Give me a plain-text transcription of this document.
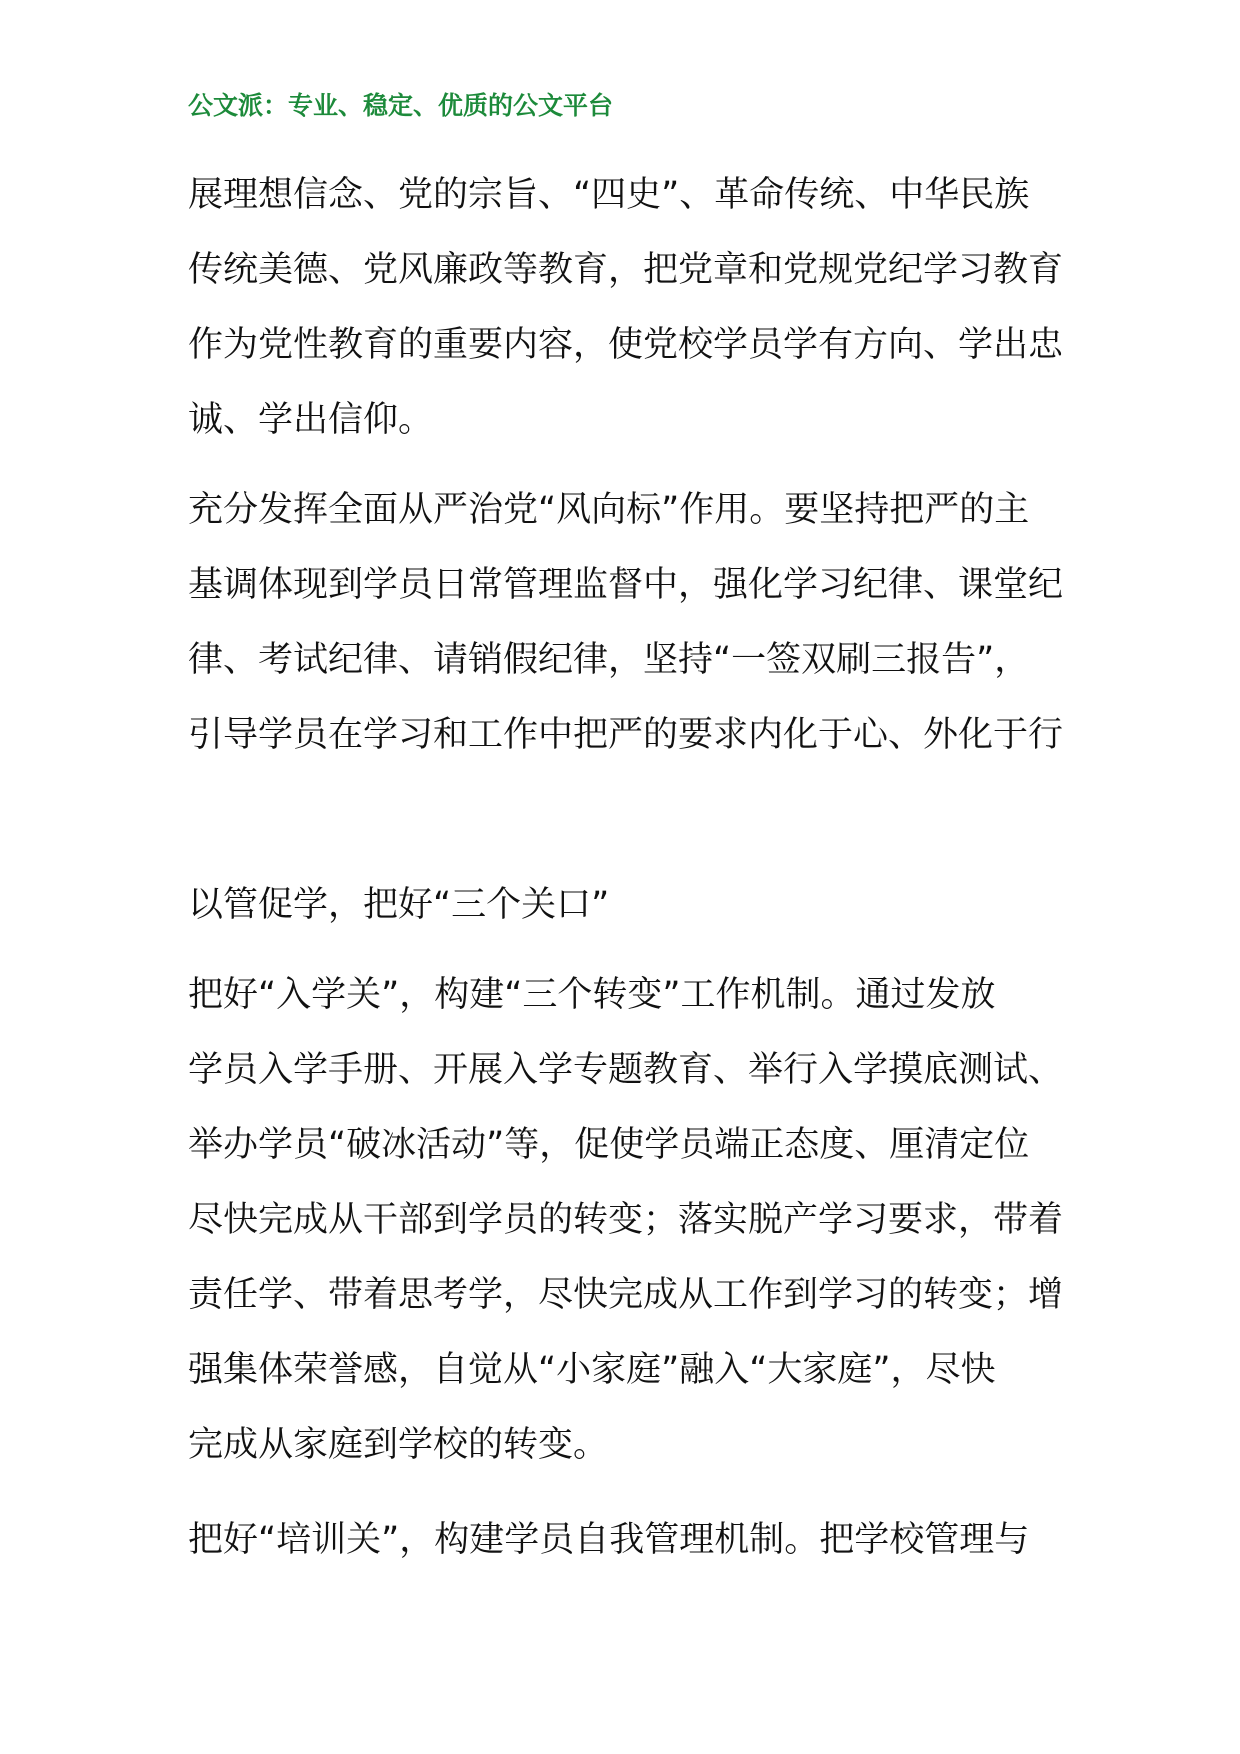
公文派：专业、稳定、优质的公文平台
展理想信念、党的宗旨、“四史”、革命传统、中华民族
传统美德、党风廉政等教育，把党章和党规党纪学习教育
作为党性教育的重要内容，使党校学员学有方向、学出忠
诚、学出信仰。
充分发挥全面从严治党“风向标”作用。要坚持把严的主
基调体现到学员日常管理监督中，强化学习纪律、课堂纪
律、考试纪律、请销假纪律，坚持“一签双刷三报告”，
引导学员在学习和工作中把严的要求内化于心、外化于行
以管促学，把好“三个关口”
把好“入学关”，构建“三个转变”工作机制。通过发放
学员入学手册、开展入学专题教育、举行入学摸底测试、
举办学员“破冰活动”等，促使学员端正态度、厘清定位
尽快完成从干部到学员的转变；落实脱产学习要求，带着
责任学、带着思考学，尽快完成从工作到学习的转变；增
强集体荣誉感，自觉从“小家庭”融入“大家庭”，尽快
完成从家庭到学校的转变。
把好“培训关”，构建学员自我管理机制。把学校管理与
